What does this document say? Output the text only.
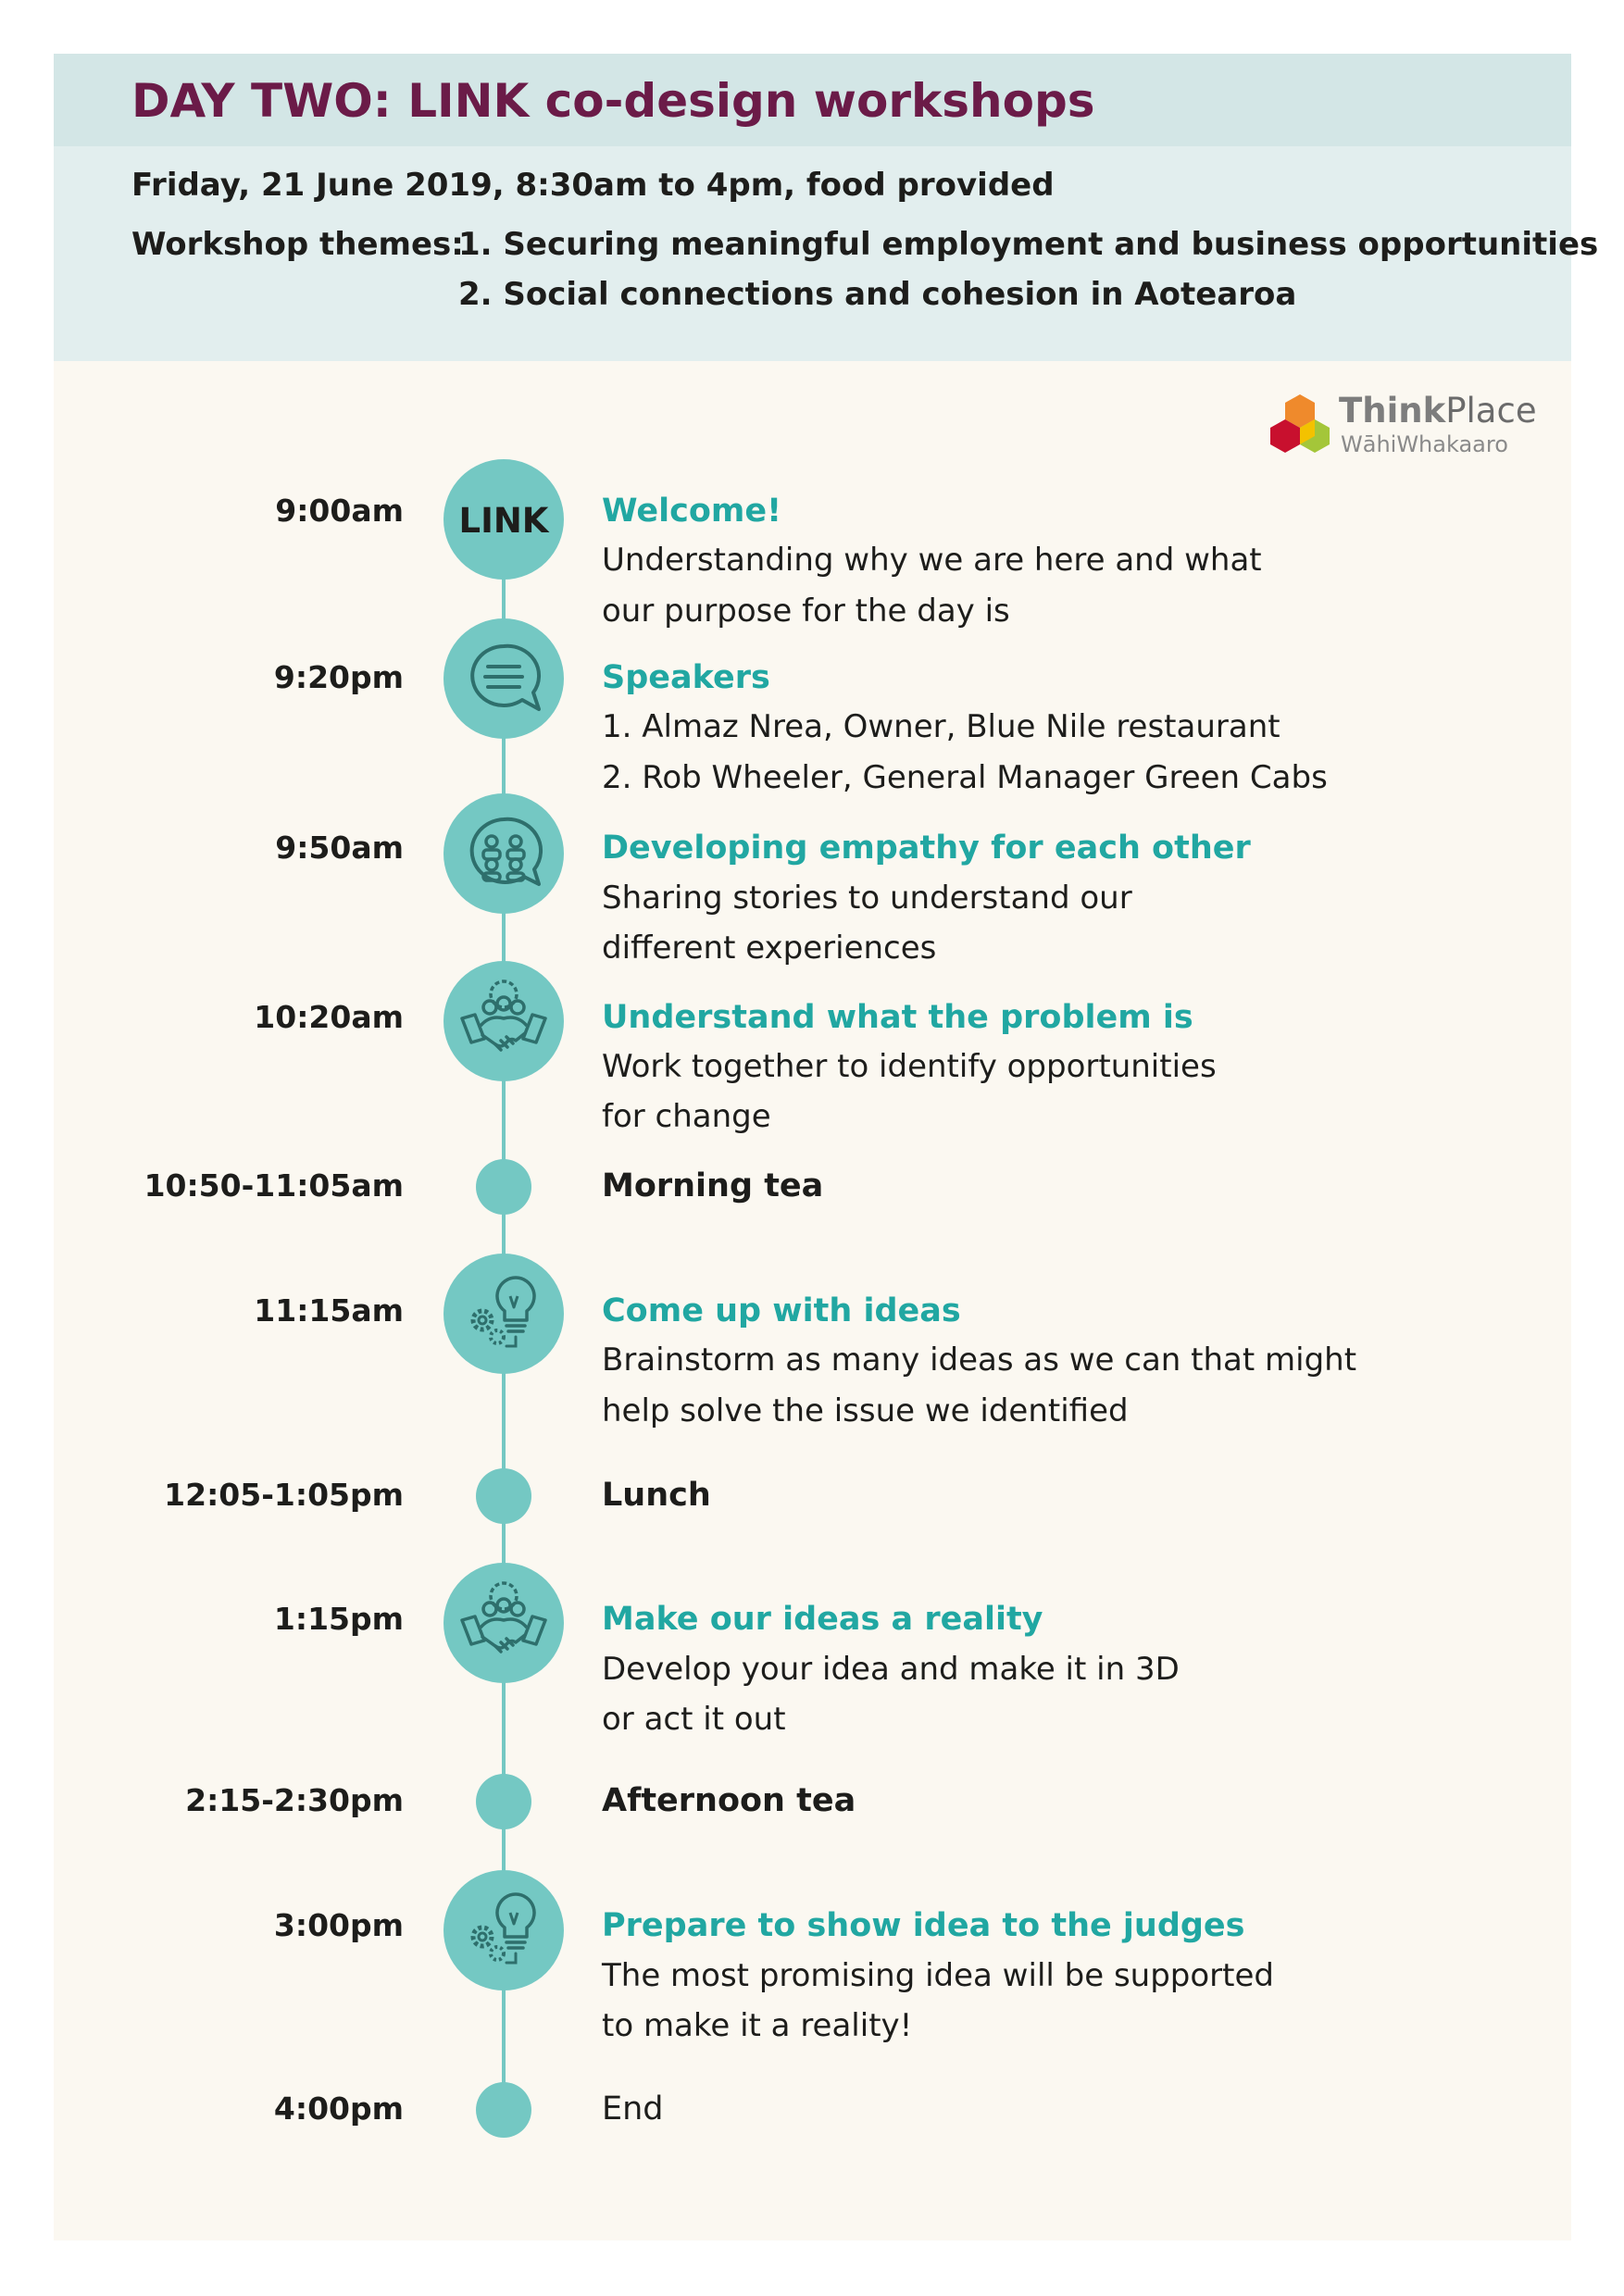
DAY TWO: LINK co-design workshops
Friday, 21 June 2019, 8:30am to 4pm, food provided
Workshop themes:
1. Securing meaningful employment and business opportunities
2. Social connections and cohesion in Aotearoa
ThinkPlace
WāhiWhakaaro
9:00am LINK Welcome!
Understanding why we are here and what
our purpose for the day is
9:20pm	Speakers
1. Almaz Nrea, Owner, Blue Nile restaurant
2. Rob Wheeler, General Manager Green Cabs
9:50am	Developing empathy for each other
Sharing stories to understand our
different experiences
10:20am	Understand what the problem is
Work together to identify opportunities
for change
10:50-11:05am	Morning tea
11:15am	Come up with ideas
Brainstorm as many ideas as we can that might
help solve the issue we identified
12:05-1:05pm	Lunch
1:15pm	Make our ideas a reality
Develop your idea and make it in 3D
or act it out
2:15-2:30pm	Afternoon tea
3:00pm	Prepare to show idea to the judges
The most promising idea will be supported
to make it a reality!
4:00pm	End
